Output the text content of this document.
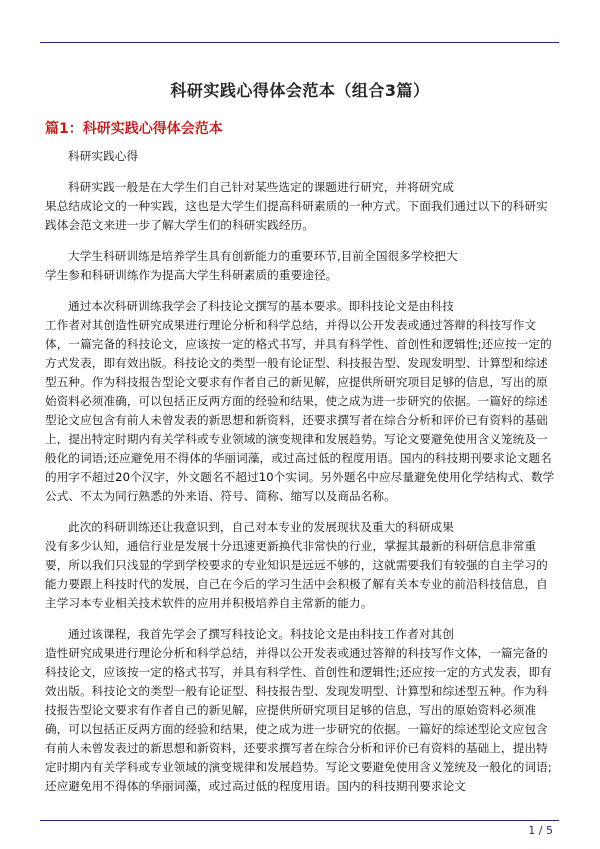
科研实践心得体会范本（组合3篇）
篇1：科研实践心得体会范本

科研实践心得

科研实践一般是在大学生们自己针对某些选定的课题进行研究，并将研究成

果总结成论文的一种实践，这也是大学生们提高科研素质的一种方式。下面我们通过以下的科研实践体会范文来进一步了解大学生们的科研实践经历。

大学生科研训练是培养学生具有创新能力的重要环节,目前全国很多学校把大

学生参和科研训练作为提高大学生科研素质的重要途径。

通过本次科研训练我学会了科技论文撰写的基本要求。即科技论文是由科技

工作者对其创造性研究成果进行理论分析和科学总结，并得以公开发表或通过答辩的科技写作文体，一篇完备的科技论文，应该按一定的格式书写，并具有科学性、首创性和逻辑性;还应按一定的方式发表，即有效出版。科技论文的类型一般有论证型、科技报告型、发现发明型、计算型和综述型五种。作为科技报告型论文要求有作者自己的新见解，应提供所研究项目足够的信息，写出的原始资料必须准确，可以包括正反两方面的经验和结果，使之成为进一步研究的依据。一篇好的综述型论文应包含有前人未曾发表的新思想和新资料，还要求撰写者在综合分析和评价已有资料的基础上，提出特定时期内有关学科或专业领域的演变规律和发展趋势。写论文要避免使用含义笼统及一般化的词语;还应避免用不得体的华丽词藻，或过高过低的程度用语。国内的科技期刊要求论文题名的用字不超过20个汉字，外文题名不超过10个实词。另外题名中应尽量避免使用化学结构式、数学公式、不太为同行熟悉的外来语、符号、简称、缩写以及商品名称。

此次的科研训练还让我意识到，自己对本专业的发展现状及重大的科研成果

没有多少认知，通信行业是发展十分迅速更新换代非常快的行业，掌握其最新的科研信息非常重要，所以我们只浅显的学到学校要求的专业知识是远远不够的，这就需要我们有较强的自主学习的能力要跟上科技时代的发展，自己在今后的学习生活中会积极了解有关本专业的前沿科技信息，自主学习本专业相关技术软件的应用并积极培养自主常新的能力。

通过该课程，我首先学会了撰写科技论文。科技论文是由科技工作者对其创

造性研究成果进行理论分析和科学总结，并得以公开发表或通过答辩的科技写作文体，一篇完备的科技论文，应该按一定的格式书写，并具有科学性、首创性和逻辑性;还应按一定的方式发表，即有效出版。科技论文的类型一般有论证型、科技报告型、发现发明型、计算型和综述型五种。作为科技报告型论文要求有作者自己的新见解，应提供所研究项目足够的信息，写出的原始资料必须准确，可以包括正反两方面的经验和结果，使之成为进一步研究的依据。一篇好的综述型论文应包含有前人未曾发表过的新思想和新资料，还要求撰写者在综合分析和评价已有资料的基础上，提出特定时期内有关学科或专业领域的演变规律和发展趋势。写论文要避免使用含义笼统及一般化的词语;还应避免用不得体的华丽词藻，或过高过低的程度用语。国内的科技期刊要求论文

1 / 5
